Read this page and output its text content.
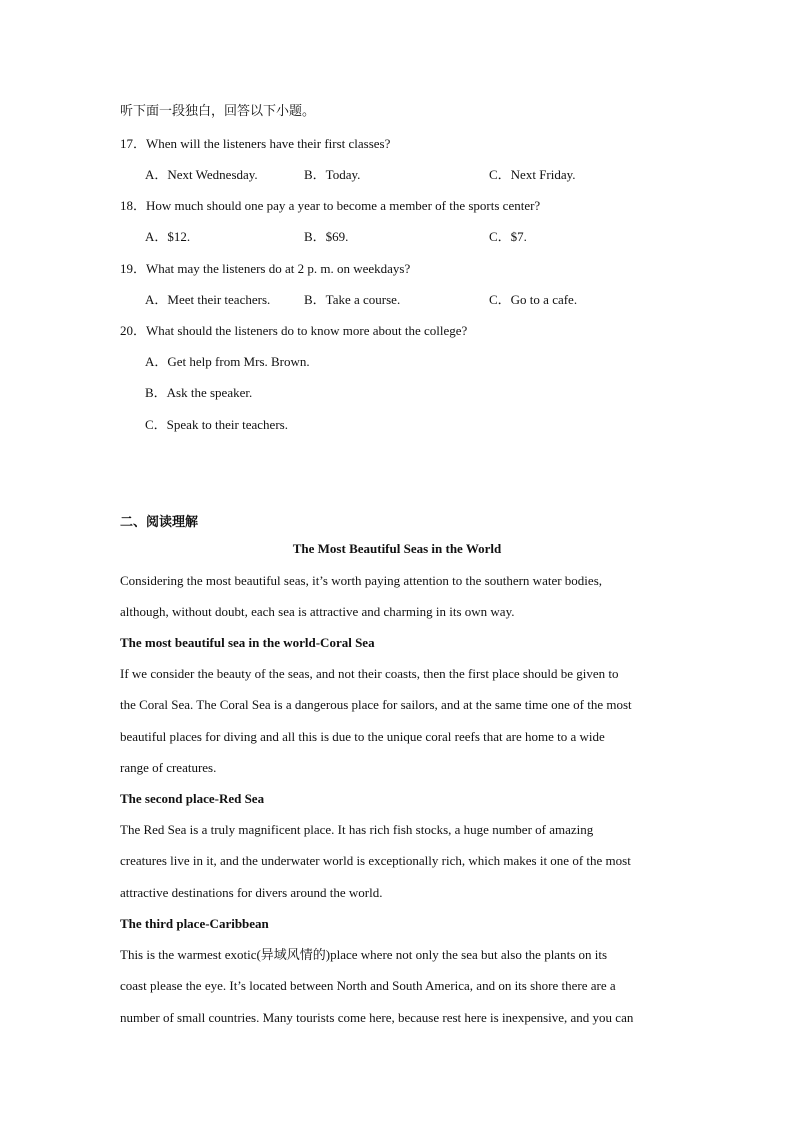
听下面一段独白，回答以下小题。
17．When will the listeners have their first classes?
A．Next Wednesday.	B．Today.	C．Next Friday.
18．How much should one pay a year to become a member of the sports center?
A．$12.	B．$69.	C．$7.
19．What may the listeners do at 2 p. m. on weekdays?
A．Meet their teachers.	B．Take a course.	C．Go to a cafe.
20．What should the listeners do to know more about the college?
A．Get help from Mrs. Brown.
B．Ask the speaker.
C．Speak to their teachers.
二、阅读理解
The Most Beautiful Seas in the World
Considering the most beautiful seas, it’s worth paying attention to the southern water bodies,
although, without doubt, each sea is attractive and charming in its own way.
The most beautiful sea in the world-Coral Sea
If we consider the beauty of the seas, and not their coasts, then the first place should be given to
the Coral Sea. The Coral Sea is a dangerous place for sailors, and at the same time one of the most
beautiful places for diving and all this is due to the unique coral reefs that are home to a wide
range of creatures.
The second place-Red Sea
The Red Sea is a truly magnificent place. It has rich fish stocks, a huge number of amazing
creatures live in it, and the underwater world is exceptionally rich, which makes it one of the most
attractive destinations for divers around the world.
The third place-Caribbean
This is the warmest exotic(异域风情的)place where not only the sea but also the plants on its
coast please the eye. It’s located between North and South America, and on its shore there are a
number of small countries. Many tourists come here, because rest here is inexpensive, and you can
